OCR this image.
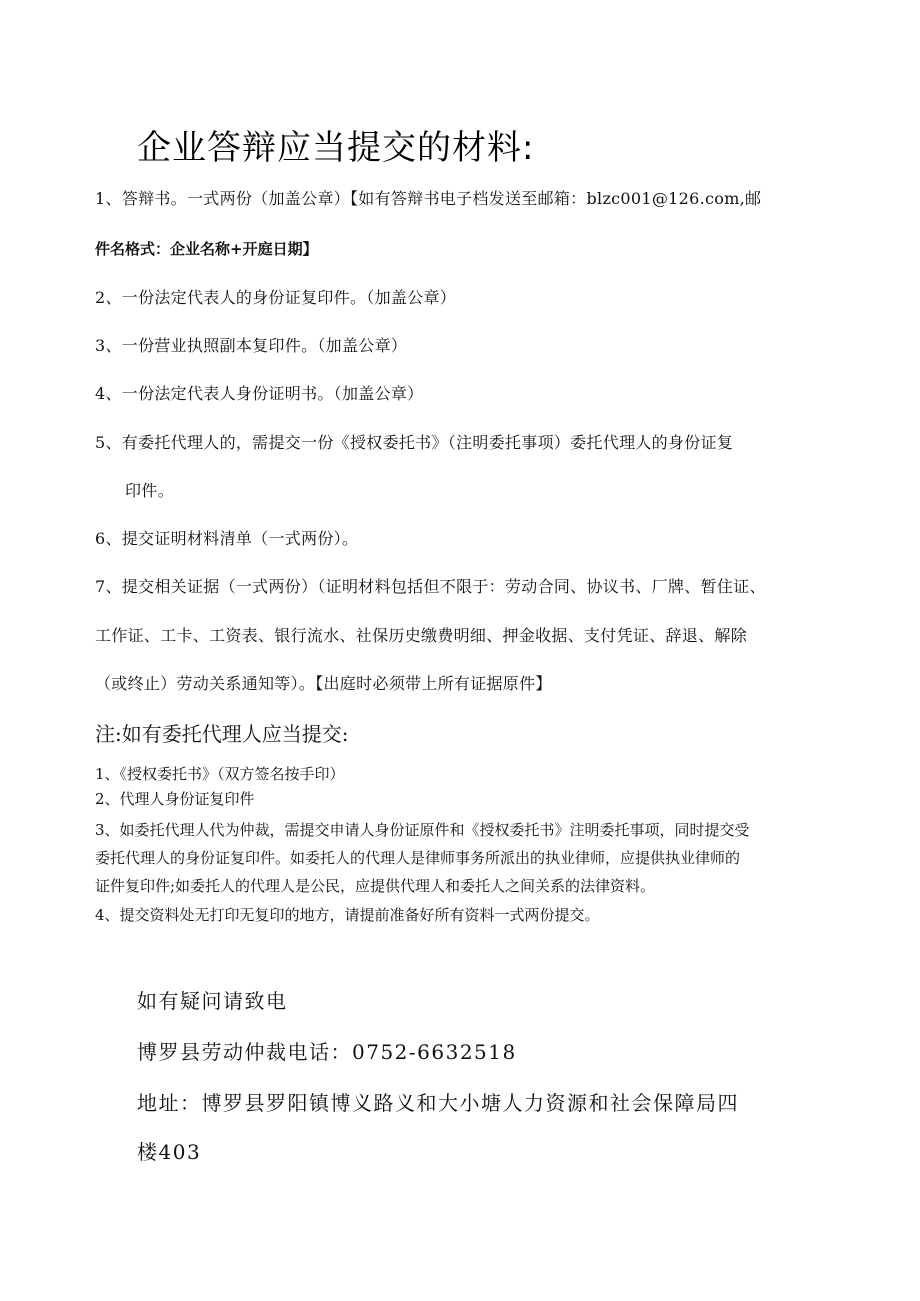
企业答辩应当提交的材料:
1、答辩书。一式两份（加盖公章）【如有答辩书电子档发送至邮箱：blzc001@126.com,邮
件名格式：企业名称+开庭日期】
2、一份法定代表人的身份证复印件。（加盖公章）
3、一份营业执照副本复印件。（加盖公章）
4、一份法定代表人身份证明书。（加盖公章）
5、有委托代理人的，需提交一份《授权委托书》（注明委托事项）委托代理人的身份证复
印件。
6、提交证明材料清单（一式两份）。
7、提交相关证据（一式两份）（证明材料包括但不限于：劳动合同、协议书、厂牌、暂住证、
工作证、工卡、工资表、银行流水、社保历史缴费明细、押金收据、支付凭证、辞退、解除
（或终止）劳动关系通知等）。【出庭时必须带上所有证据原件】
注:如有委托代理人应当提交:
1、《授权委托书》（双方签名按手印）
2、代理人身份证复印件
3、如委托代理人代为仲裁，需提交申请人身份证原件和《授权委托书》注明委托事项，同时提交受
委托代理人的身份证复印件。如委托人的代理人是律师事务所派出的执业律师，应提供执业律师的
证件复印件;如委托人的代理人是公民，应提供代理人和委托人之间关系的法律资料。
4、提交资料处无打印无复印的地方，请提前准备好所有资料一式两份提交。
如有疑问请致电
博罗县劳动仲裁电话：0752-6632518
地址：博罗县罗阳镇博义路义和大小塘人力资源和社会保障局四
楼403
